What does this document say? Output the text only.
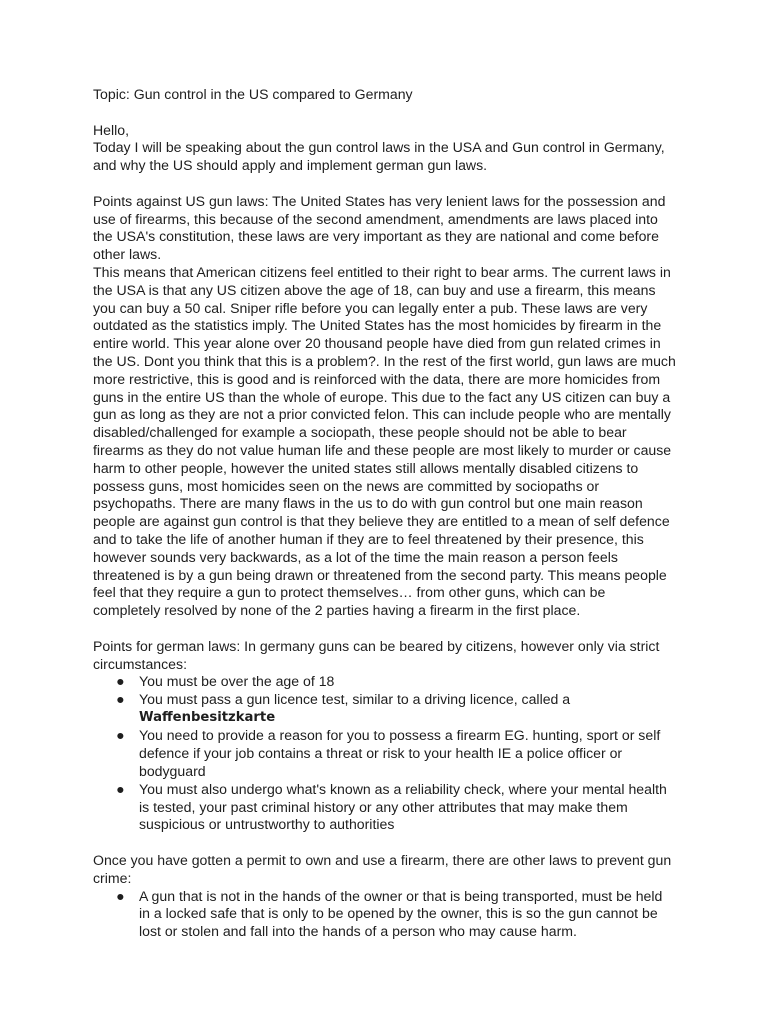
Topic: Gun control in the US compared to Germany

Hello,

Today I will be speaking about the gun control laws in the USA and Gun control in Germany, and why the US should apply and implement german gun laws.

Points against US gun laws: The United States has very lenient laws for the possession and use of firearms, this because of the second amendment, amendments are laws placed into the USA's constitution, these laws are very important as they are national and come before other laws.

This means that American citizens feel entitled to their right to bear arms. The current laws in the USA is that any US citizen above the age of 18, can buy and use a firearm, this means you can buy a 50 cal. Sniper rifle before you can legally enter a pub. These laws are very outdated as the statistics imply. The United States has the most homicides by firearm in the entire world. This year alone over 20 thousand people have died from gun related crimes in the US. Dont you think that this is a problem?. In the rest of the first world, gun laws are much more restrictive, this is good and is reinforced with the data, there are more homicides from guns in the entire US than the whole of europe. This due to the fact any US citizen can buy a gun as long as they are not a prior convicted felon. This can include people who are mentally disabled/challenged for example a sociopath, these people should not be able to bear firearms as they do not value human life and these people are most likely to murder or cause harm to other people, however the united states still allows mentally disabled citizens to possess guns, most homicides seen on the news are committed by sociopaths or psychopaths. There are many flaws in the us to do with gun control but one main reason people are against gun control is that they believe they are entitled to a mean of self defence and to take the life of another human if they are to feel threatened by their presence, this however sounds very backwards, as a lot of the time the main reason a person feels threatened is by a gun being drawn or threatened from the second party. This means people feel that they require a gun to protect themselves… from other guns, which can be completely resolved by none of the 2 parties having a firearm in the first place.

Points for german laws: In germany guns can be beared by citizens, however only via strict circumstances:

● You must be over the age of 18
● You must pass a gun licence test, similar to a driving licence, called a
Waffenbesitzkarte
● You need to provide a reason for you to possess a firearm EG. hunting, sport or self defence if your job contains a threat or risk to your health IE a police officer or bodyguard
● You must also undergo what's known as a reliability check, where your mental health is tested, your past criminal history or any other attributes that may make them suspicious or untrustworthy to authorities

Once you have gotten a permit to own and use a firearm, there are other laws to prevent gun crime:

● A gun that is not in the hands of the owner or that is being transported, must be held in a locked safe that is only to be opened by the owner, this is so the gun cannot be lost or stolen and fall into the hands of a person who may cause harm.
